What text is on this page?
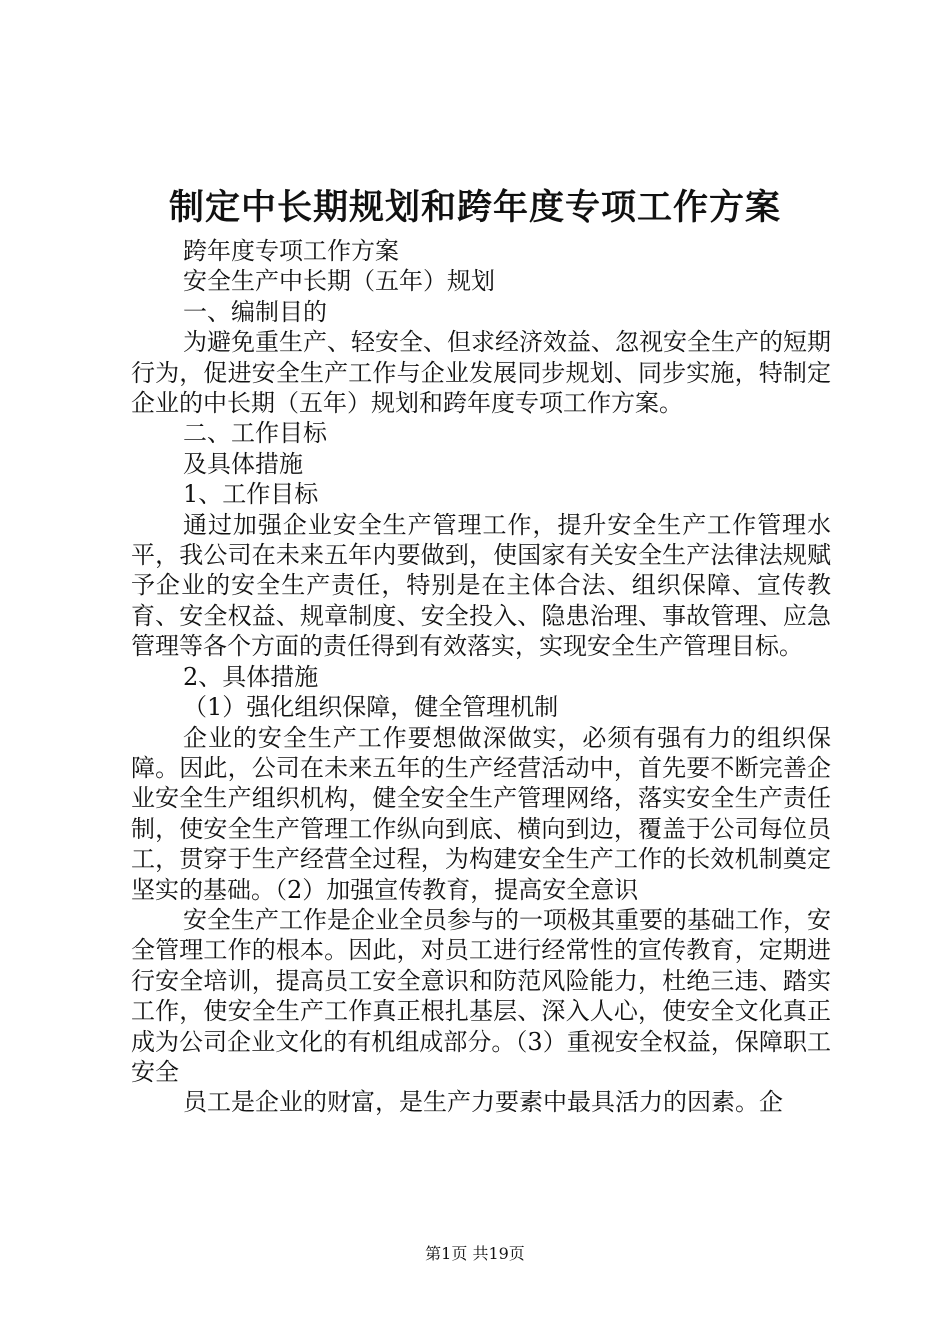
制定中长期规划和跨年度专项工作方案

跨年度专项工作方案

安全生产中长期（五年）规划

一、编制目的

为避免重生产、轻安全、但求经济效益、忽视安全生产的短期行为，促进安全生产工作与企业发展同步规划、同步实施，特制定企业的中长期（五年）规划和跨年度专项工作方案。

二、工作目标

及具体措施

1、工作目标

通过加强企业安全生产管理工作，提升安全生产工作管理水平，我公司在未来五年内要做到，使国家有关安全生产法律法规赋予企业的安全生产责任，特别是在主体合法、组织保障、宣传教育、安全权益、规章制度、安全投入、隐患治理、事故管理、应急管理等各个方面的责任得到有效落实，实现安全生产管理目标。

2、具体措施

（1）强化组织保障，健全管理机制

企业的安全生产工作要想做深做实，必须有强有力的组织保障。因此，公司在未来五年的生产经营活动中，首先要不断完善企业安全生产组织机构，健全安全生产管理网络，落实安全生产责任制，使安全生产管理工作纵向到底、横向到边，覆盖于公司每位员工，贯穿于生产经营全过程，为构建安全生产工作的长效机制奠定坚实的基础。（2）加强宣传教育，提高安全意识

安全生产工作是企业全员参与的一项极其重要的基础工作，安全管理工作的根本。因此，对员工进行经常性的宣传教育，定期进行安全培训，提高员工安全意识和防范风险能力，杜绝三违、踏实工作，使安全生产工作真正根扎基层、深入人心，使安全文化真正成为公司企业文化的有机组成部分。（3）重视安全权益，保障职工安全

员工是企业的财富，是生产力要素中最具活力的因素。企

第1页 共19页
